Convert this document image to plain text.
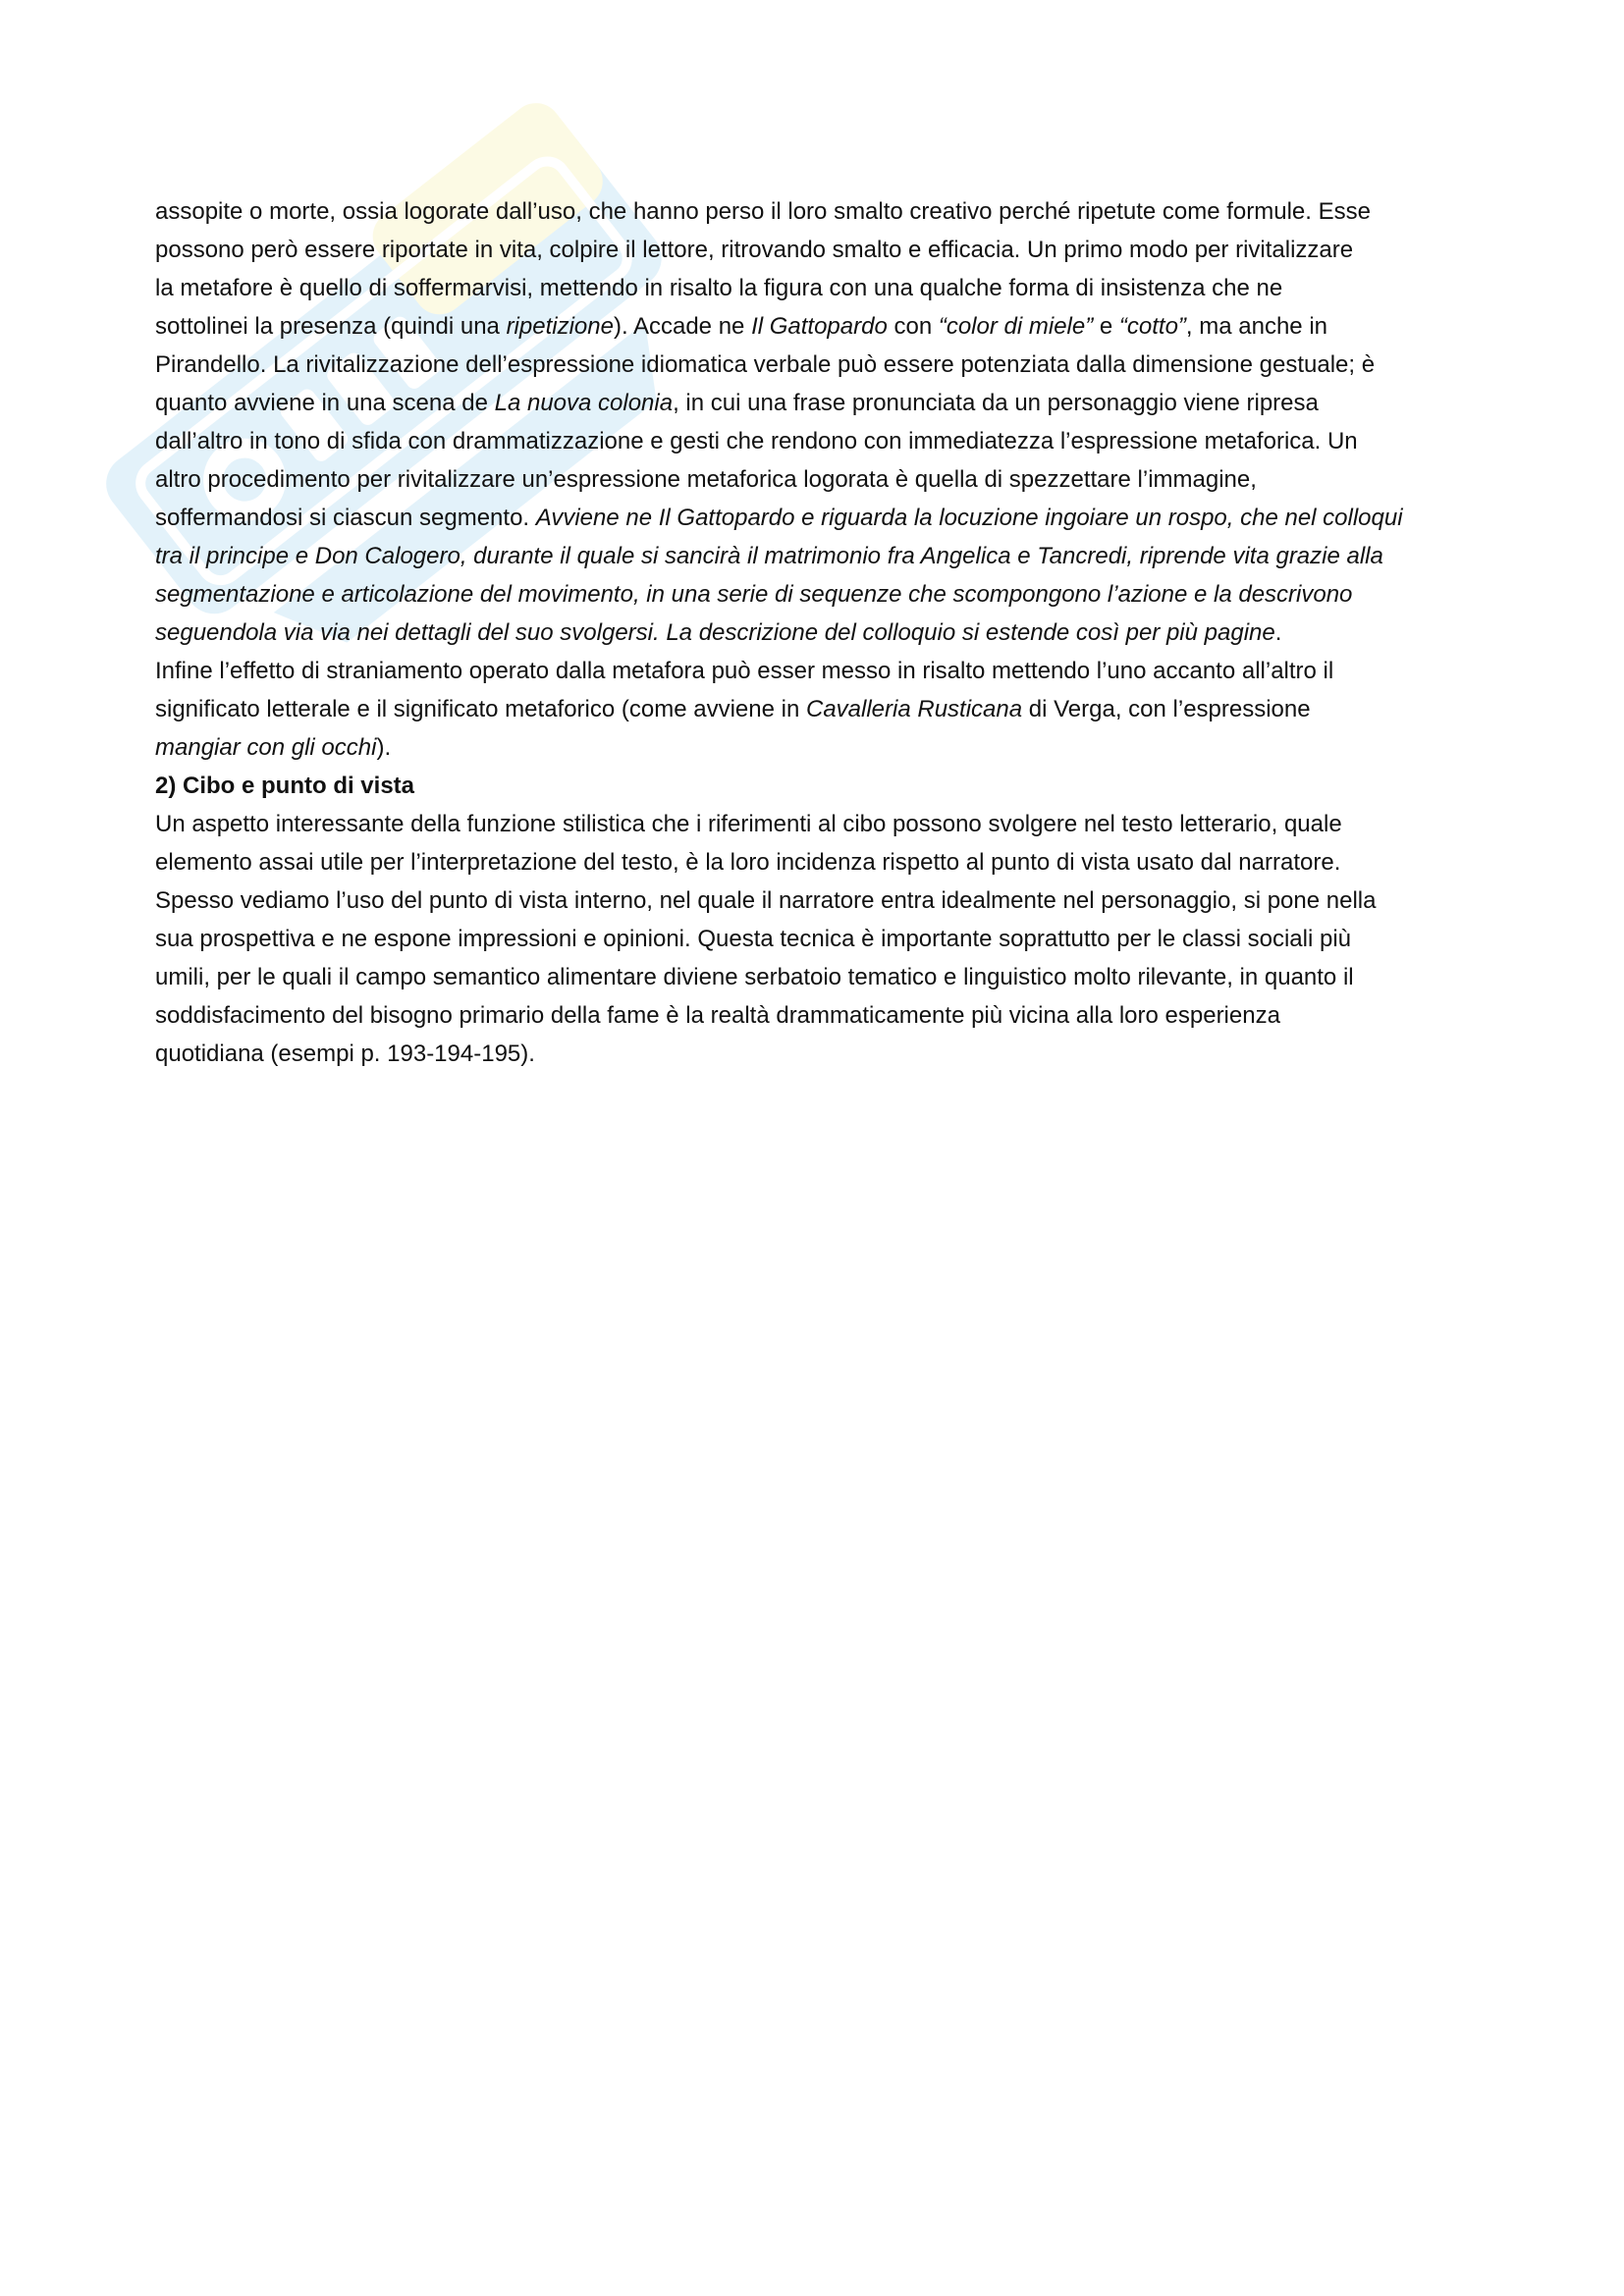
assopite o morte, ossia logorate dall’uso, che hanno perso il loro smalto creativo perché ripetute come formule. Esse
possono però essere riportate in vita, colpire il lettore, ritrovando smalto e efficacia. Un primo modo per rivitalizzare
la metafore è quello di soffermarvisi, mettendo in risalto la figura con una qualche forma di insistenza che ne
sottolinei la presenza (quindi una ripetizione). Accade ne Il Gattopardo con “color di miele” e “cotto”, ma anche in
Pirandello. La rivitalizzazione dell’espressione idiomatica verbale può essere potenziata dalla dimensione gestuale; è
quanto avviene in una scena de La nuova colonia, in cui una frase pronunciata da un personaggio viene ripresa
dall’altro in tono di sfida con drammatizzazione e gesti che rendono con immediatezza l’espressione metaforica. Un
altro procedimento per rivitalizzare un’espressione metaforica logorata è quella di spezzettare l’immagine,
soffermandosi si ciascun segmento. Avviene ne Il Gattopardo e riguarda la locuzione ingoiare un rospo, che nel colloqui
tra il principe e Don Calogero, durante il quale si sancirà il matrimonio fra Angelica e Tancredi, riprende vita grazie alla
segmentazione e articolazione del movimento, in una serie di sequenze che scompongono l’azione e la descrivono
seguendola via via nei dettagli del suo svolgersi. La descrizione del colloquio si estende così per più pagine.
Infine l’effetto di straniamento operato dalla metafora può esser messo in risalto mettendo l’uno accanto all’altro il
significato letterale e il significato metaforico (come avviene in Cavalleria Rusticana di Verga, con l’espressione
mangiar con gli occhi).
2) Cibo e punto di vista
Un aspetto interessante della funzione stilistica che i riferimenti al cibo possono svolgere nel testo letterario, quale
elemento assai utile per l’interpretazione del testo, è la loro incidenza rispetto al punto di vista usato dal narratore.
Spesso vediamo l’uso del punto di vista interno, nel quale il narratore entra idealmente nel personaggio, si pone nella
sua prospettiva e ne espone impressioni e opinioni. Questa tecnica è importante soprattutto per le classi sociali più
umili, per le quali il campo semantico alimentare diviene serbatoio tematico e linguistico molto rilevante, in quanto il
soddisfacimento del bisogno primario della fame è la realtà drammaticamente più vicina alla loro esperienza
quotidiana (esempi p. 193-194-195).
